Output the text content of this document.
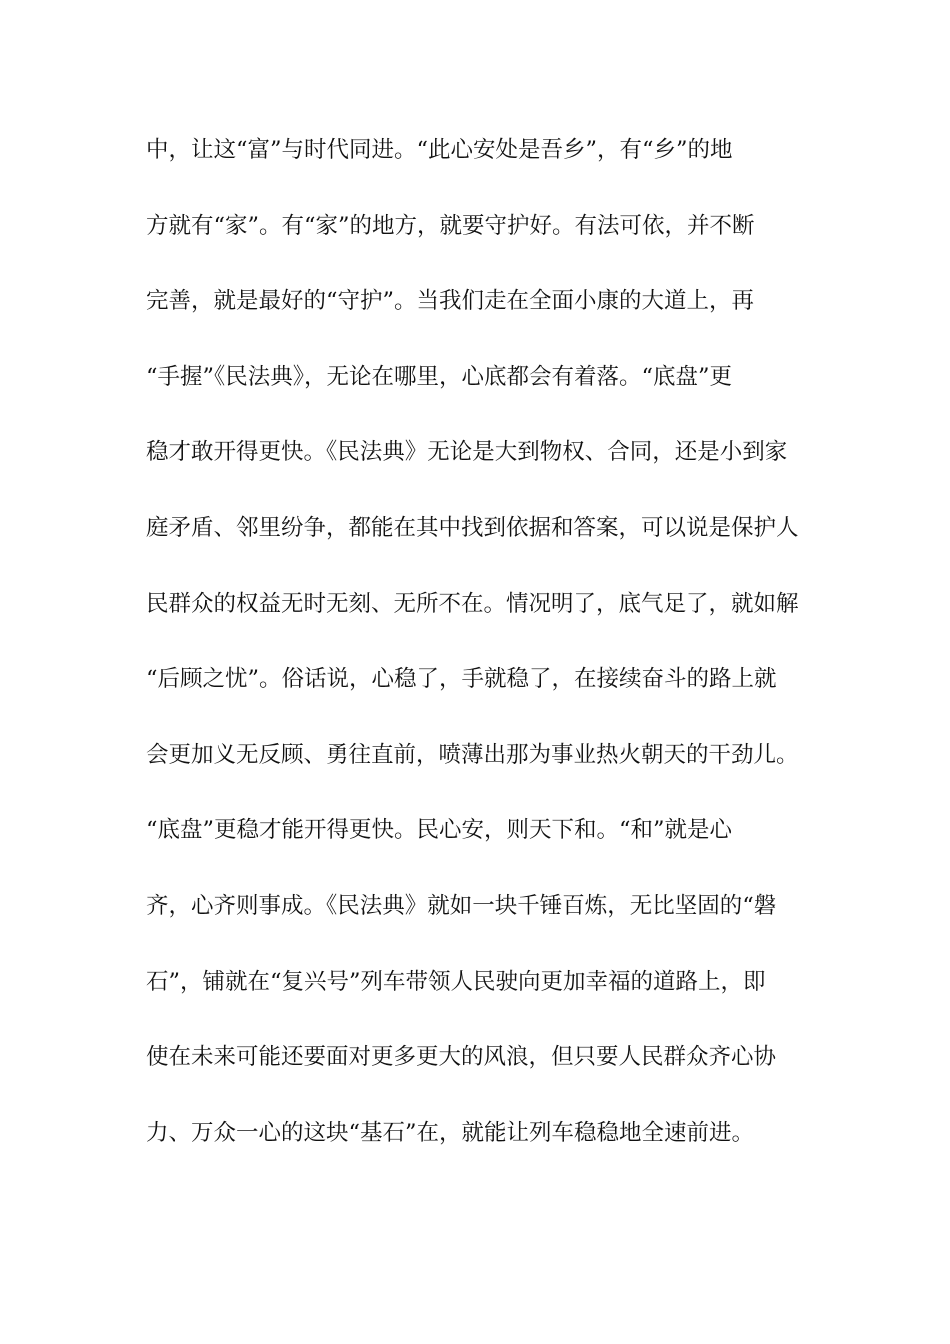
中，让这“富”与时代同进。“此心安处是吾乡”，有“乡”的地
方就有“家”。有“家”的地方，就要守护好。有法可依，并不断
完善，就是最好的“守护”。当我们走在全面小康的大道上，再
“手握”《民法典》，无论在哪里，心底都会有着落。“底盘”更
稳才敢开得更快。《民法典》无论是大到物权、合同，还是小到家
庭矛盾、邻里纷争，都能在其中找到依据和答案，可以说是保护人
民群众的权益无时无刻、无所不在。情况明了，底气足了，就如解
“后顾之忧”。俗话说，心稳了，手就稳了，在接续奋斗的路上就
会更加义无反顾、勇往直前，喷薄出那为事业热火朝天的干劲儿。
“底盘”更稳才能开得更快。民心安，则天下和。“和”就是心
齐，心齐则事成。《民法典》就如一块千锤百炼，无比坚固的“磐
石”，铺就在“复兴号”列车带领人民驶向更加幸福的道路上，即
使在未来可能还要面对更多更大的风浪，但只要人民群众齐心协
力、万众一心的这块“基石”在，就能让列车稳稳地全速前进。
